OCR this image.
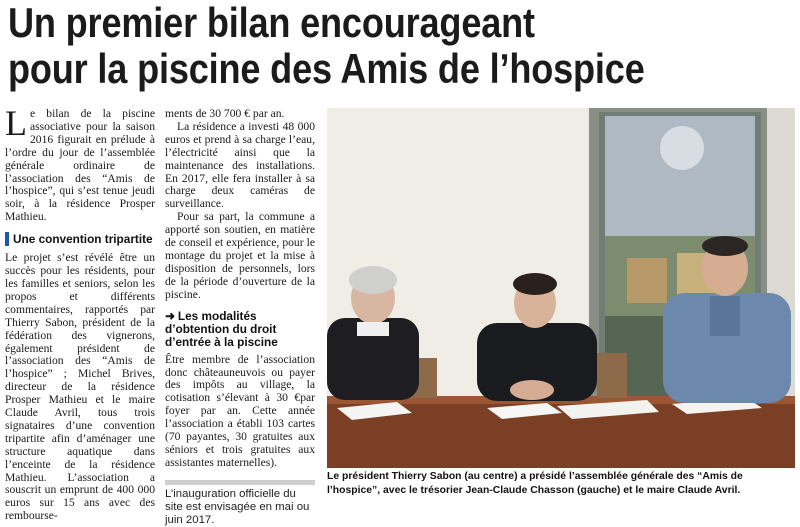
Un premier bilan encourageant
pour la piscine des Amis de l’hospice

Le bilan de la piscine associative pour la saison 2016 figurait en prélude à l’ordre du jour de l’assemblée générale ordinaire de l’association des “Amis de l’hospice”, qui s’est tenue jeudi soir, à la résidence Prosper Mathieu.

Une convention tripartite

Le projet s’est révélé être un succès pour les résidents, pour les familles et seniors, selon les propos et différents commentaires, rapportés par Thierry Sabon, président de la fédération des vignerons, également président de l’association des “Amis de l’hospice” ; Michel Brives, directeur de la résidence Prosper Mathieu et le maire Claude Avril, tous trois signataires d’une convention tripartite afin d’aménager une structure aquatique dans l’enceinte de la résidence Mathieu. L’association a souscrit un emprunt de 400 000 euros sur 15 ans avec des rembourse-

ments de 30 700 € par an.

La résidence a investi 48 000 euros et prend à sa charge l’eau, l’électricité ainsi que la maintenance des installations. En 2017, elle fera installer à sa charge deux caméras de surveillance.

Pour sa part, la commune a apporté son soutien, en matière de conseil et expérience, pour le montage du projet et la mise à disposition de personnels, lors de la période d’ouverture de la piscine.

➜ Les modalités d’obtention du droit d’entrée à la piscine

Être membre de l’association donc châteauneuvois ou payer des impôts au village, la cotisation s’élevant à 30 €par foyer par an. Cette année l’association a établi 103 cartes (70 payantes, 30 gratuites aux séniors et trois gratuites aux assistantes maternelles).

L’inauguration officielle du site est envisagée en mai ou juin 2017.
Le président Thierry Sabon (au centre) a présidé l’assemblée générale des “Amis de l’hospice”, avec le trésorier Jean-Claude Chasson (gauche) et le maire Claude Avril.
